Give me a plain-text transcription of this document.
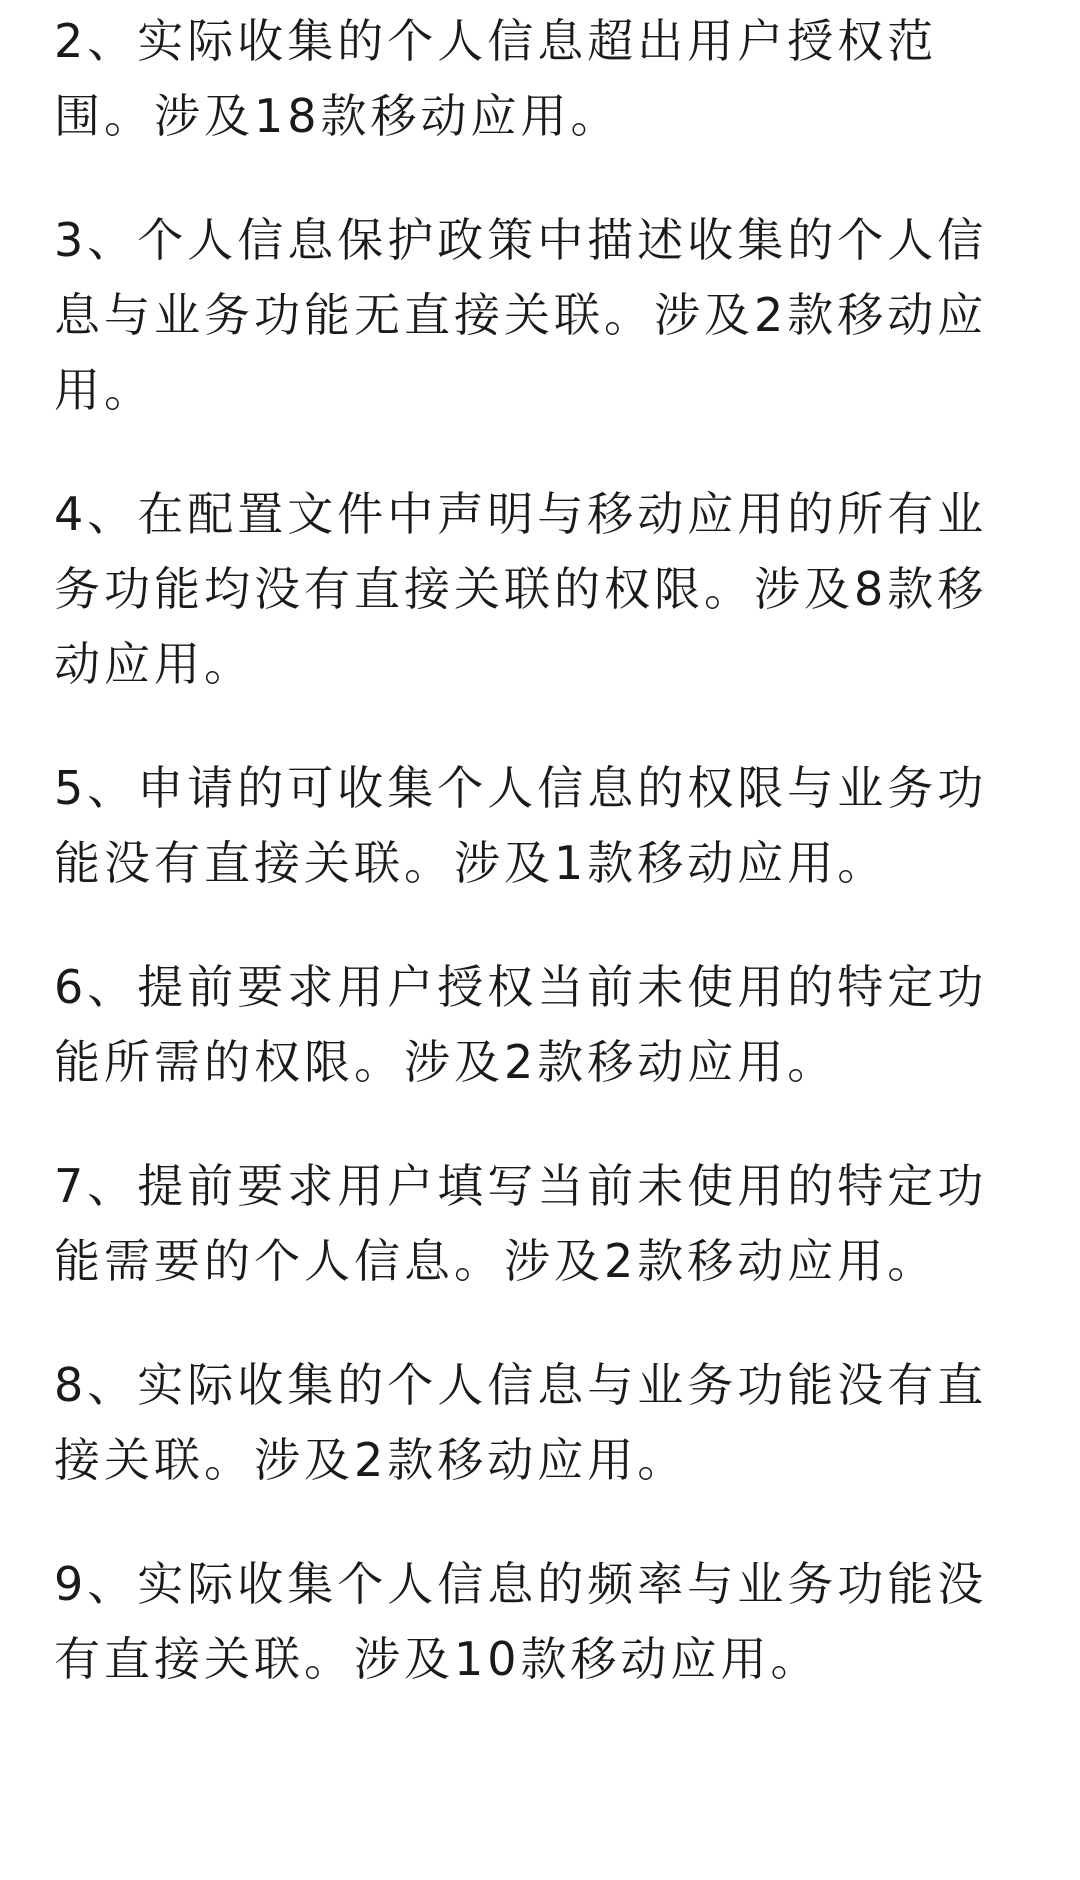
2、实际收集的个人信息超出用户授权范围。涉及18款移动应用。

3、个人信息保护政策中描述收集的个人信息与业务功能无直接关联。涉及2款移动应用。

4、在配置文件中声明与移动应用的所有业务功能均没有直接关联的权限。涉及8款移动应用。

5、申请的可收集个人信息的权限与业务功能没有直接关联。涉及1款移动应用。

6、提前要求用户授权当前未使用的特定功能所需的权限。涉及2款移动应用。

7、提前要求用户填写当前未使用的特定功能需要的个人信息。涉及2款移动应用。

8、实际收集的个人信息与业务功能没有直接关联。涉及2款移动应用。

9、实际收集个人信息的频率与业务功能没有直接关联。涉及10款移动应用。
